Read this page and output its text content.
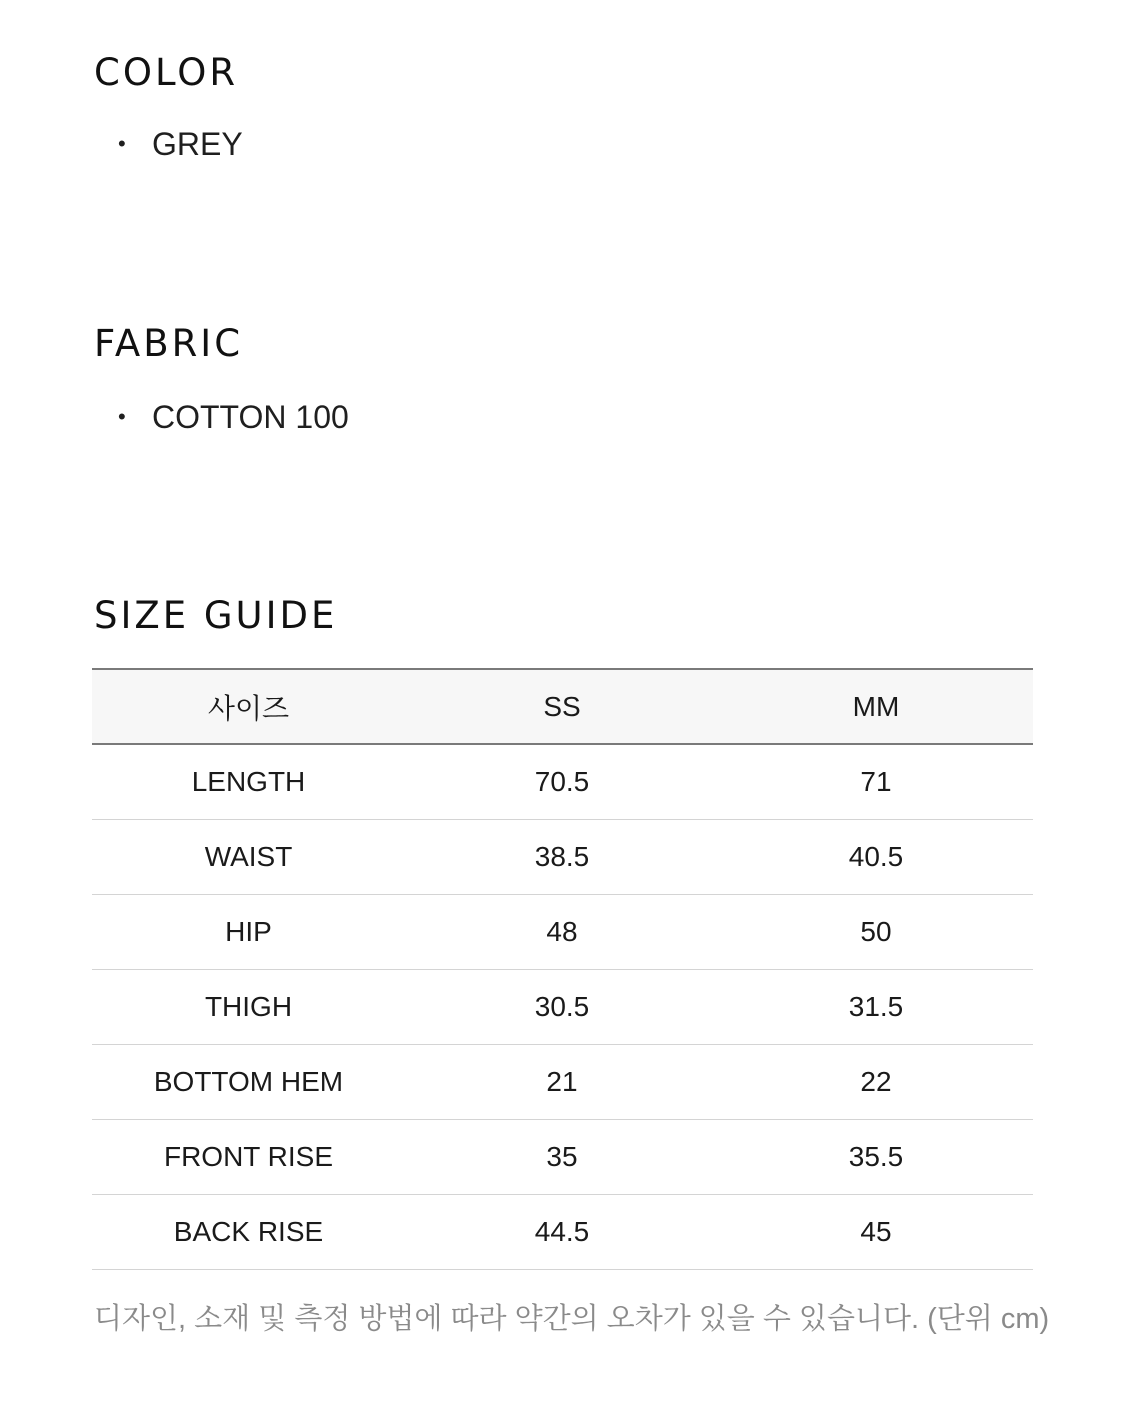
COLOR
• GREY
FABRIC
• COTTON 100
SIZE GUIDE
사이즈	SS	MM
LENGTH	70.5	71
WAIST	38.5	40.5
HIP	48	50
THIGH	30.5	31.5
BOTTOM HEM	21	22
FRONT RISE	35	35.5
BACK RISE	44.5	45

디자인, 소재 및 측정 방법에 따라 약간의 오차가 있을 수 있습니다. (단위 cm)
